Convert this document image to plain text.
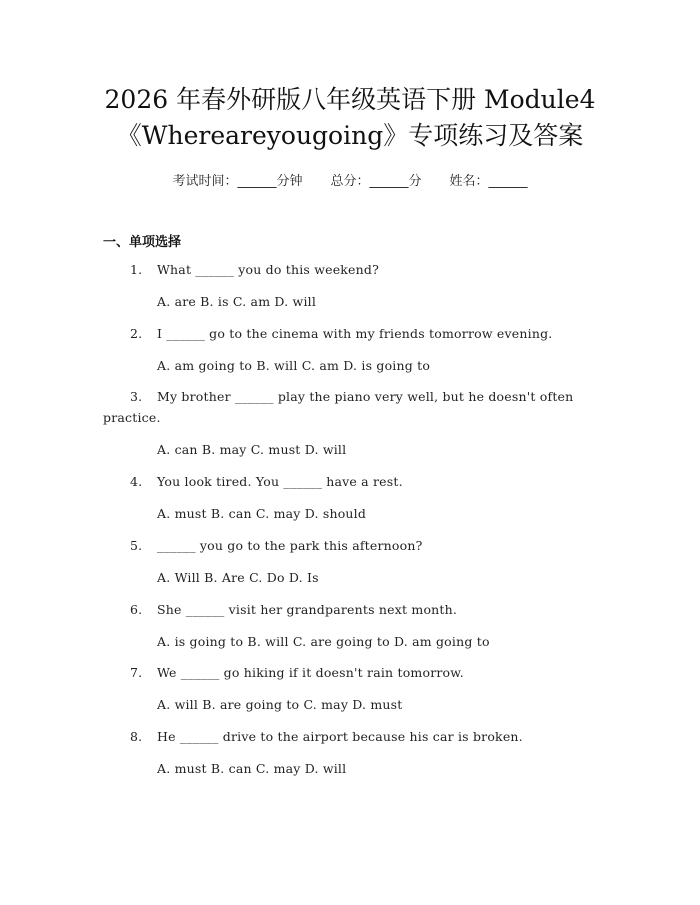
2026 年春外研版八年级英语下册 Module4
《Whereareyougoing》专项练习及答案
考试时间：______分钟 总分：______分 姓名：______
一、单项选择
1. What ______ you do this weekend?
A. are B. is C. am D. will
2. I ______ go to the cinema with my friends tomorrow evening.
A. am going to B. will C. am D. is going to
3. My brother ______ play the piano very well, but he doesn't often
practice.
A. can B. may C. must D. will
4. You look tired. You ______ have a rest.
A. must B. can C. may D. should
5. ______ you go to the park this afternoon?
A. Will B. Are C. Do D. Is
6. She ______ visit her grandparents next month.
A. is going to B. will C. are going to D. am going to
7. We ______ go hiking if it doesn't rain tomorrow.
A. will B. are going to C. may D. must
8. He ______ drive to the airport because his car is broken.
A. must B. can C. may D. will
